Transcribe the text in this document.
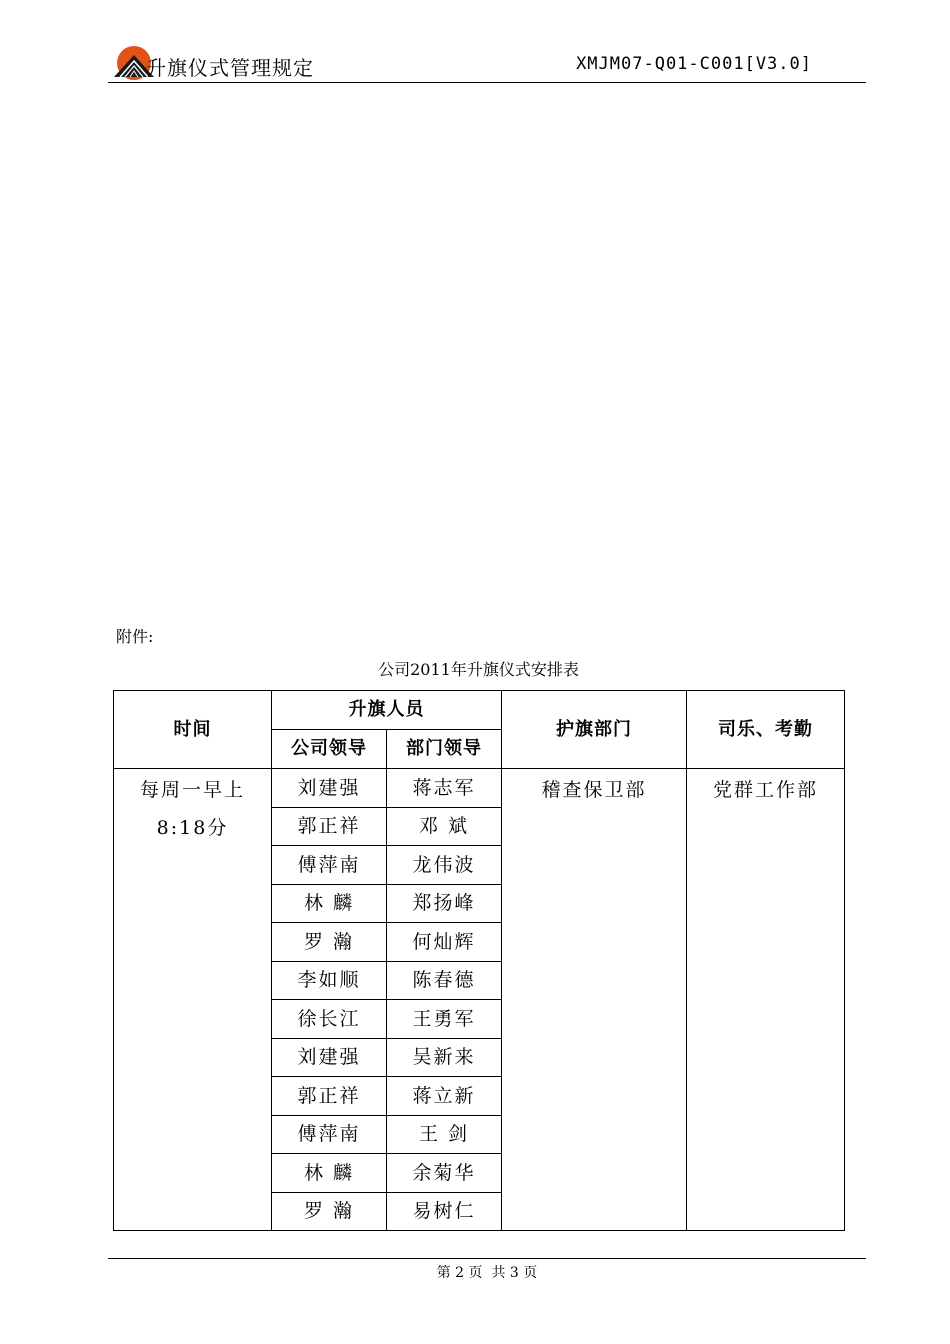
升旗仪式管理规定	XMJM07-Q01-C001[V3.0]
附件:
公司2011年升旗仪式安排表
时间	升旗人员		护旗部门	司乐、考勤
	公司领导	部门领导		

每周一早上
8:18分	刘建强	蒋志军	稽查保卫部	党群工作部
	郭正祥	邓 斌		
	傅萍南	龙伟波		
	林 麟	郑扬峰		
	罗 瀚	何灿辉		
	李如顺	陈春德		
	徐长江	王勇军		
	刘建强	吴新来		
	郭正祥	蒋立新		
	傅萍南	王 剑		
	林 麟	余菊华		
	罗 瀚	易树仁		
第 2 页  共 3 页
